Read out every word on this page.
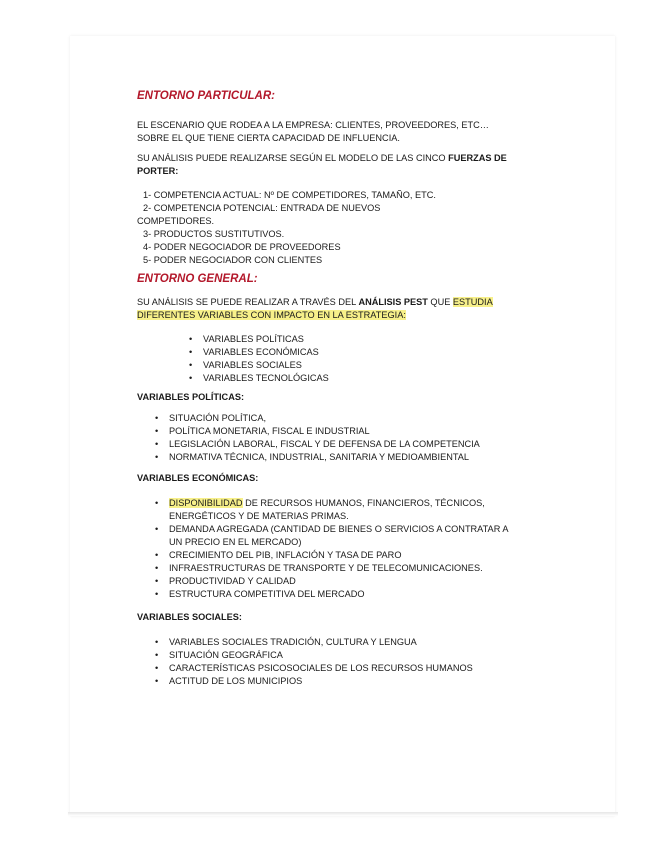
ENTORNO PARTICULAR:

EL ESCENARIO QUE RODEA A LA EMPRESA: CLIENTES, PROVEEDORES, ETC… SOBRE EL QUE TIENE CIERTA CAPACIDAD DE INFLUENCIA.

SU ANÁLISIS PUEDE REALIZARSE SEGÚN EL MODELO DE LAS CINCO FUERZAS DE PORTER:

1- COMPETENCIA ACTUAL: Nº DE COMPETIDORES, TAMAÑO, ETC.
2- COMPETENCIA POTENCIAL: ENTRADA DE NUEVOS
COMPETIDORES.
3- PRODUCTOS SUSTITUTIVOS.
4- PODER NEGOCIADOR DE PROVEEDORES
5- PODER NEGOCIADOR CON CLIENTES

ENTORNO GENERAL:

SU ANÁLISIS SE PUEDE REALIZAR A TRAVÉS DEL ANÁLISIS PEST QUE ESTUDIA DIFERENTES VARIABLES CON IMPACTO EN LA ESTRATEGIA:

• VARIABLES POLÍTICAS
• VARIABLES ECONÓMICAS
• VARIABLES SOCIALES
• VARIABLES TECNOLÓGICAS

VARIABLES POLÍTICAS:

• SITUACIÓN POLÍTICA,
• POLÍTICA MONETARIA, FISCAL E INDUSTRIAL
• LEGISLACIÓN LABORAL, FISCAL Y DE DEFENSA DE LA COMPETENCIA
• NORMATIVA TÉCNICA, INDUSTRIAL, SANITARIA Y MEDIOAMBIENTAL

VARIABLES ECONÓMICAS:

• DISPONIBILIDAD DE RECURSOS HUMANOS, FINANCIEROS, TÉCNICOS, ENERGÉTICOS Y DE MATERIAS PRIMAS.
• DEMANDA AGREGADA (CANTIDAD DE BIENES O SERVICIOS A CONTRATAR A UN PRECIO EN EL MERCADO)
• CRECIMIENTO DEL PIB, INFLACIÓN Y TASA DE PARO
• INFRAESTRUCTURAS DE TRANSPORTE Y DE TELECOMUNICACIONES.
• PRODUCTIVIDAD Y CALIDAD
• ESTRUCTURA COMPETITIVA DEL MERCADO

VARIABLES SOCIALES:

• VARIABLES SOCIALES TRADICIÓN, CULTURA Y LENGUA
• SITUACIÓN GEOGRÁFICA
• CARACTERÍSTICAS PSICOSOCIALES DE LOS RECURSOS HUMANOS
• ACTITUD DE LOS MUNICIPIOS
